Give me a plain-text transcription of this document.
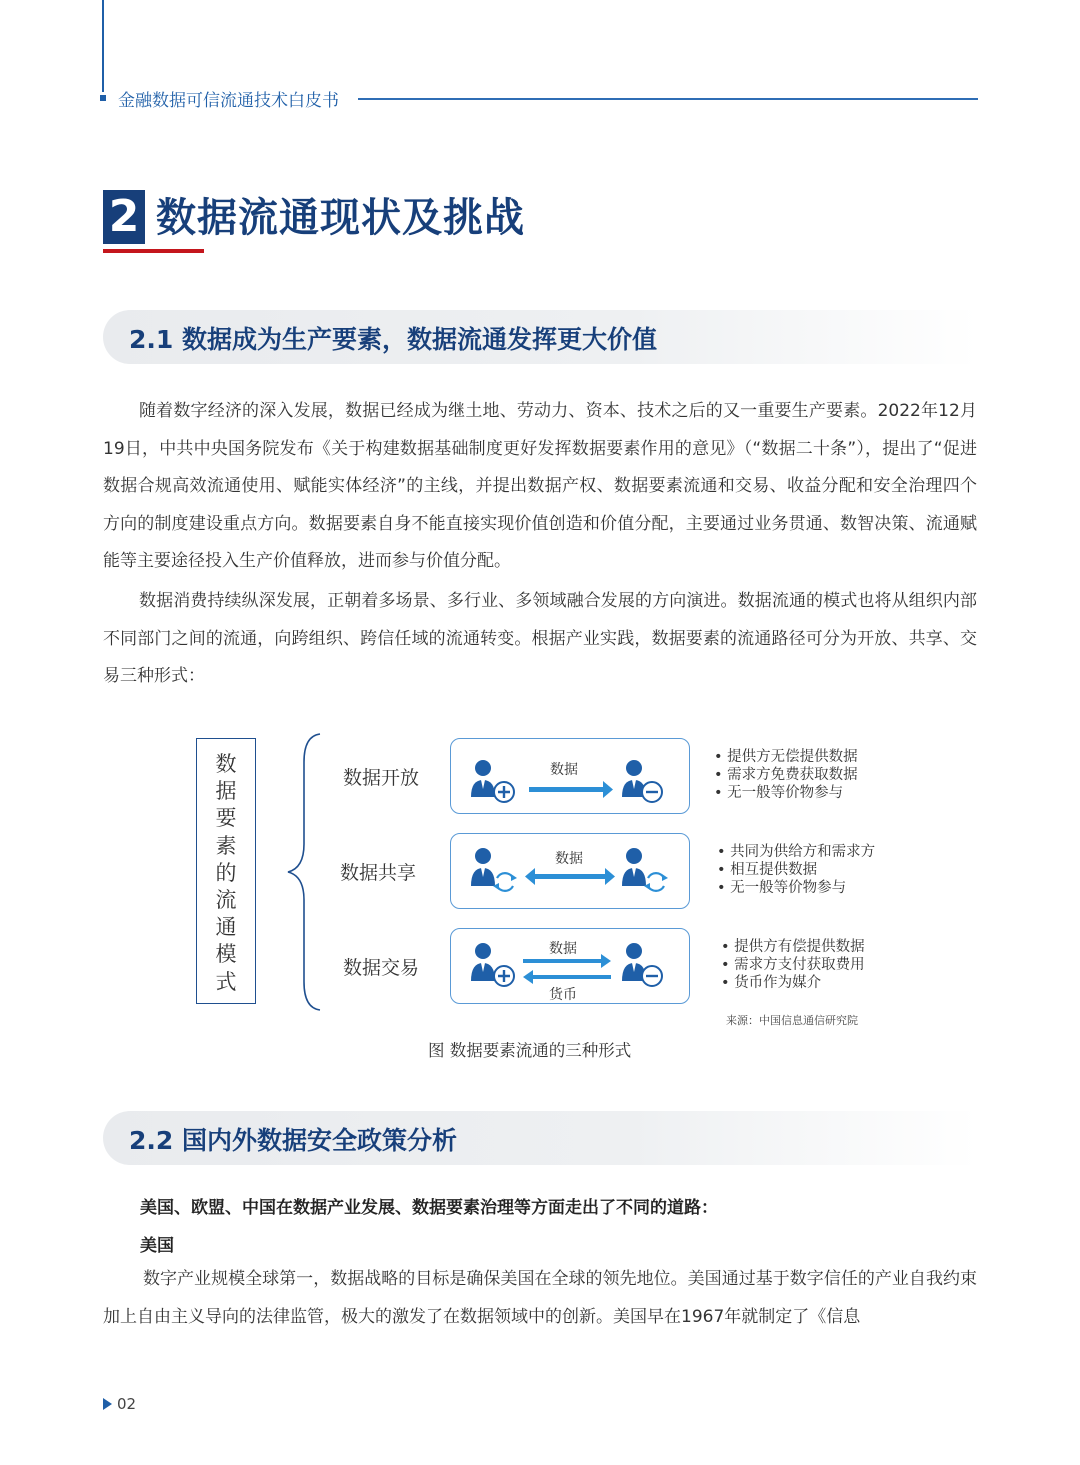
金融数据可信流通技术白皮书
2 数据流通现状及挑战
2.1 数据成为生产要素，数据流通发挥更大价值

随着数字经济的深入发展，数据已经成为继土地、劳动力、资本、技术之后的又一重要生产要素。2022年12月19日，中共中央国务院发布《关于构建数据基础制度更好发挥数据要素作用的意见》（“数据二十条”），提出了“促进数据合规高效流通使用、赋能实体经济”的主线，并提出数据产权、数据要素流通和交易、收益分配和安全治理四个方向的制度建设重点方向。数据要素自身不能直接实现价值创造和价值分配，主要通过业务贯通、数智决策、流通赋能等主要途径投入生产价值释放，进而参与价值分配。

数据消费持续纵深发展，正朝着多场景、多行业、多领域融合发展的方向演进。数据流通的模式也将从组织内部不同部门之间的流通，向跨组织、跨信任域的流通转变。根据产业实践，数据要素的流通路径可分为开放、共享、交易三种形式：

数
据
要
素
的
流
通
模
式
数据开放
数据共享
数据交易
数据
数据
数据
货币
• 提供方无偿提供数据
• 需求方免费获取数据
• 无一般等价物参与
• 共同为供给方和需求方
• 相互提供数据
• 无一般等价物参与
• 提供方有偿提供数据
• 需求方支付获取费用
• 货币作为媒介
来源：中国信息通信研究院
图 数据要素流通的三种形式
2.2 国内外数据安全政策分析
美国、欧盟、中国在数据产业发展、数据要素治理等方面走出了不同的道路：
美国

数字产业规模全球第一，数据战略的目标是确保美国在全球的领先地位。美国通过基于数字信任的产业自我约束加上自由主义导向的法律监管，极大的激发了在数据领域中的创新。美国早在1967年就制定了《信息

02
